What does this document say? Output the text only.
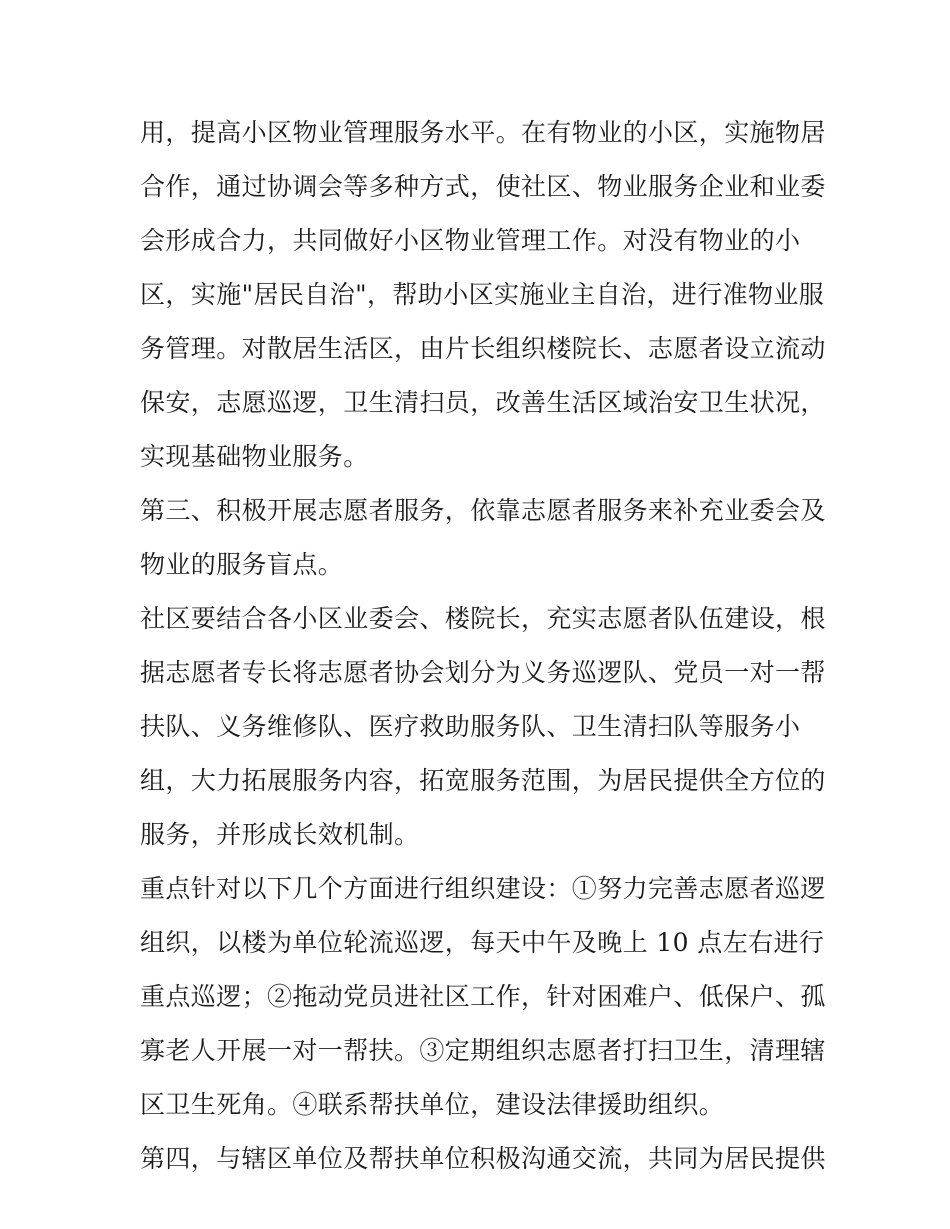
用，提高小区物业管理服务水平。在有物业的小区，实施物居
合作，通过协调会等多种方式，使社区、物业服务企业和业委
会形成合力，共同做好小区物业管理工作。对没有物业的小
区，实施"居民自治"，帮助小区实施业主自治，进行准物业服
务管理。对散居生活区，由片长组织楼院长、志愿者设立流动
保安，志愿巡逻，卫生清扫员，改善生活区域治安卫生状况，
实现基础物业服务。
第三、积极开展志愿者服务，依靠志愿者服务来补充业委会及
物业的服务盲点。
社区要结合各小区业委会、楼院长，充实志愿者队伍建设，根
据志愿者专长将志愿者协会划分为义务巡逻队、党员一对一帮
扶队、义务维修队、医疗救助服务队、卫生清扫队等服务小
组，大力拓展服务内容，拓宽服务范围，为居民提供全方位的
服务，并形成长效机制。
重点针对以下几个方面进行组织建设：①努力完善志愿者巡逻
组织，以楼为单位轮流巡逻，每天中午及晚上 10 点左右进行
重点巡逻；②拖动党员进社区工作，针对困难户、低保户、孤
寡老人开展一对一帮扶。③定期组织志愿者打扫卫生，清理辖
区卫生死角。④联系帮扶单位，建设法律援助组织。
第四，与辖区单位及帮扶单位积极沟通交流，共同为居民提供
